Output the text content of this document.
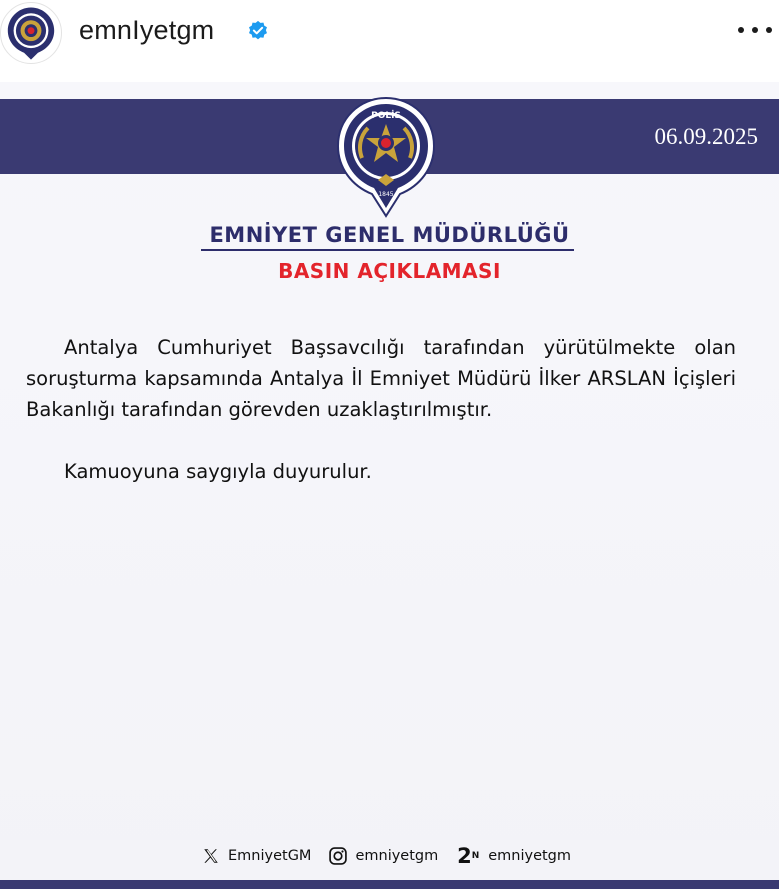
emnIyetgm
06.09.2025
POLİS
1845
EMNİYET GENEL MÜDÜRLÜĞÜ
BASIN AÇIKLAMASI

Antalya Cumhuriyet Başsavcılığı tarafından yürütülmekte olan soruşturma kapsamında Antalya İl Emniyet Müdürü İlker ARSLAN İçişleri Bakanlığı tarafından görevden uzaklaştırılmıştır.

Kamuoyuna saygıyla duyurulur.

EmniyetGM	emniyetgm 2 N emniyetgm
